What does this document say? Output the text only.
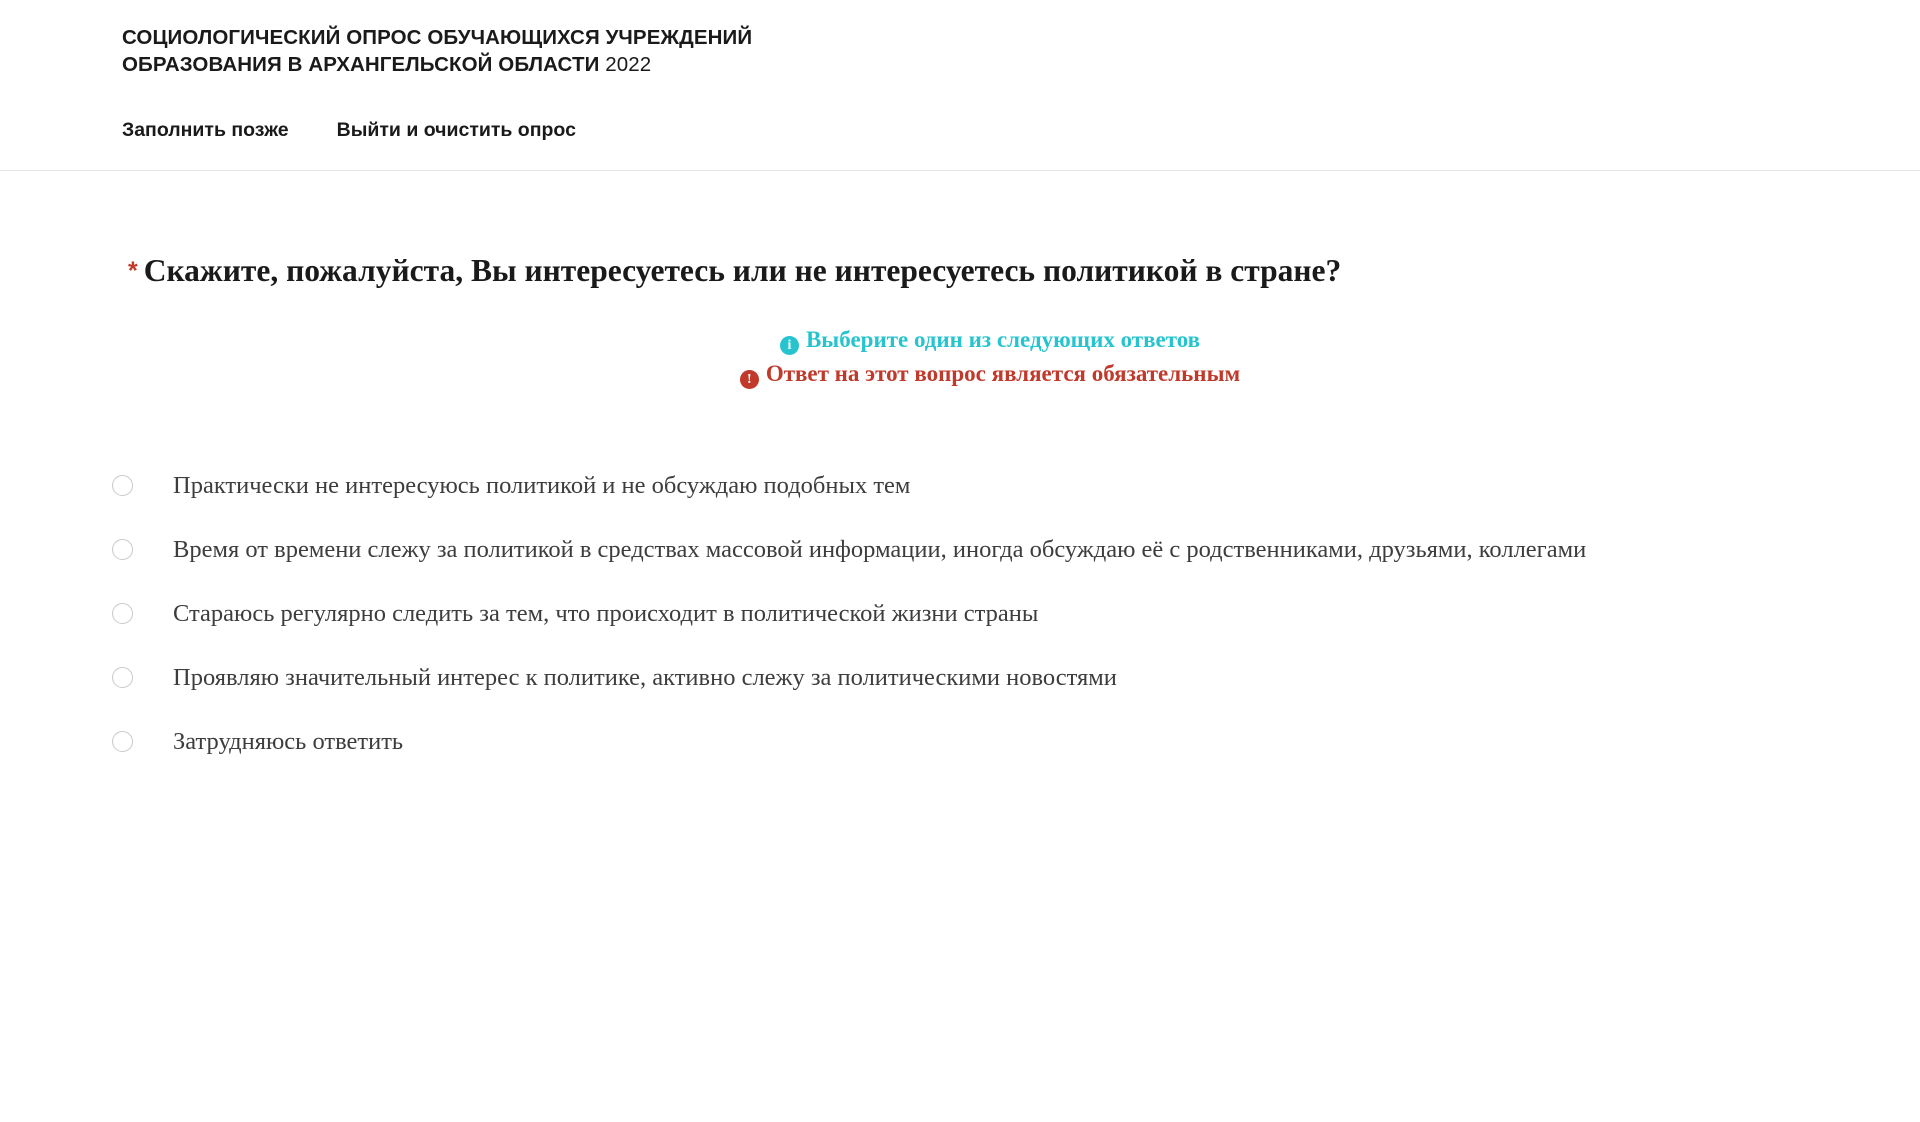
СОЦИОЛОГИЧЕСКИЙ ОПРОС ОБУЧАЮЩИХСЯ УЧРЕЖДЕНИЙ
ОБРАЗОВАНИЯ В АРХАНГЕЛЬСКОЙ ОБЛАСТИ 2022
Заполнить позже Выйти и очистить опрос
* Скажите, пожалуйста, Вы интересуетесь или не интересуетесь политикой в стране?
i Выберите один из следующих ответов
! Ответ на этот вопрос является обязательным
Практически не интересуюсь политикой и не обсуждаю подобных тем
Время от времени слежу за политикой в средствах массовой информации, иногда обсуждаю её с родственниками, друзьями, коллегами
Стараюсь регулярно следить за тем, что происходит в политической жизни страны
Проявляю значительный интерес к политике, активно слежу за политическими новостями
Затрудняюсь ответить
